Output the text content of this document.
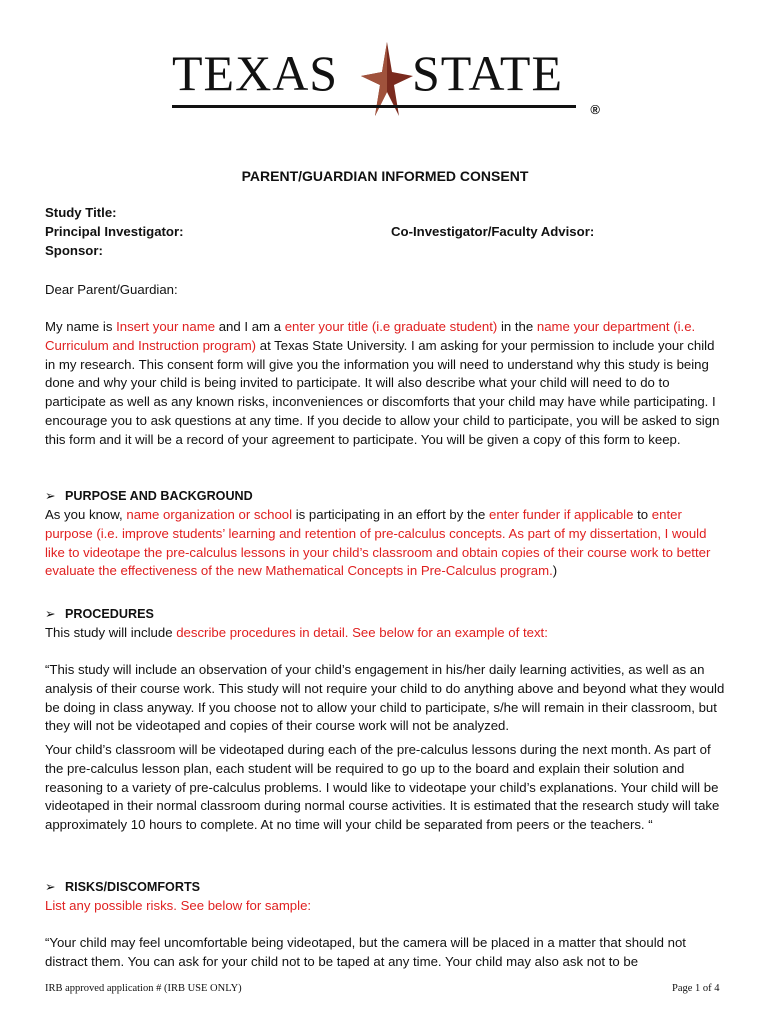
TEXAS STATE
®
PARENT/GUARDIAN INFORMED CONSENT
Study Title:
Principal Investigator:	Co-Investigator/Faculty Advisor:
Sponsor:
Dear Parent/Guardian:
My name is Insert your name and I am a enter your title (i.e graduate student) in the name your department (i.e. Curriculum and Instruction program) at Texas State University. I am asking for your permission to include your child in my research. This consent form will give you the information you will need to understand why this study is being done and why your child is being invited to participate. It will also describe what your child will need to do to participate as well as any known risks, inconveniences or discomforts that your child may have while participating. I encourage you to ask questions at any time. If you decide to allow your child to participate, you will be asked to sign this form and it will be a record of your agreement to participate. You will be given a copy of this form to keep.
➢ PURPOSE AND BACKGROUND
As you know, name organization or school is participating in an effort by the enter funder if applicable to enter purpose (i.e. improve students’ learning and retention of pre-calculus concepts. As part of my dissertation, I would like to videotape the pre-calculus lessons in your child’s classroom and obtain copies of their course work to better evaluate the effectiveness of the new Mathematical Concepts in Pre-Calculus program.)
➢ PROCEDURES
This study will include describe procedures in detail. See below for an example of text:
“This study will include an observation of your child’s engagement in his/her daily learning activities, as well as an analysis of their course work. This study will not require your child to do anything above and beyond what they would be doing in class anyway. If you choose not to allow your child to participate, s/he will remain in their classroom, but they will not be videotaped and copies of their course work will not be analyzed.
Your child’s classroom will be videotaped during each of the pre-calculus lessons during the next month. As part of the pre-calculus lesson plan, each student will be required to go up to the board and explain their solution and reasoning to a variety of pre-calculus problems. I would like to videotape your child’s explanations. Your child will be videotaped in their normal classroom during normal course activities. It is estimated that the research study will take approximately 10 hours to complete. At no time will your child be separated from peers or the teachers. “
➢ RISKS/DISCOMFORTS
List any possible risks. See below for sample:
“Your child may feel uncomfortable being videotaped, but the camera will be placed in a matter that should not distract them. You can ask for your child not to be taped at any time. Your child may also ask not to be
IRB approved application # (IRB USE ONLY)	Page 1 of 4
